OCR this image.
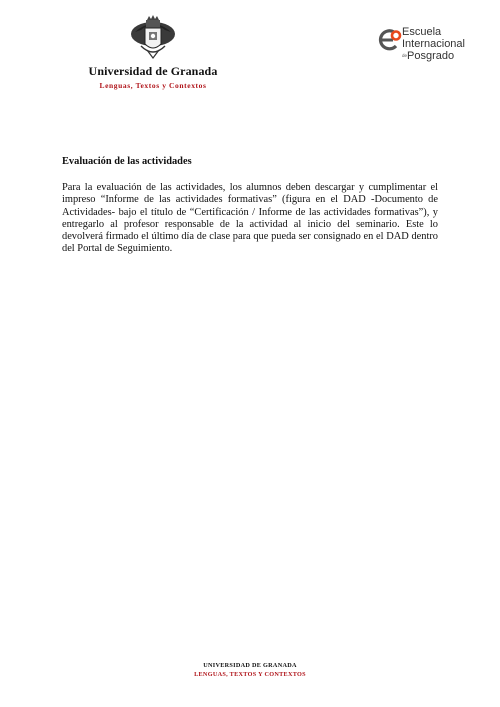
Universidad de Granada
Lenguas, Textos y Contextos
Escuela
Internacional
dePosgrado
Evaluación de las actividades
Para la evaluación de las actividades, los alumnos deben descargar y cumplimentar el impreso “Informe de las actividades formativas” (figura en el DAD -Documento de Actividades- bajo el título de “Certificación / Informe de las actividades formativas”), y entregarlo al profesor responsable de la actividad al inicio del seminario. Este lo devolverá firmado el último día de clase para que pueda ser consignado en el DAD dentro del Portal de Seguimiento.
UNIVERSIDAD DE GRANADA
LENGUAS, TEXTOS Y CONTEXTOS
